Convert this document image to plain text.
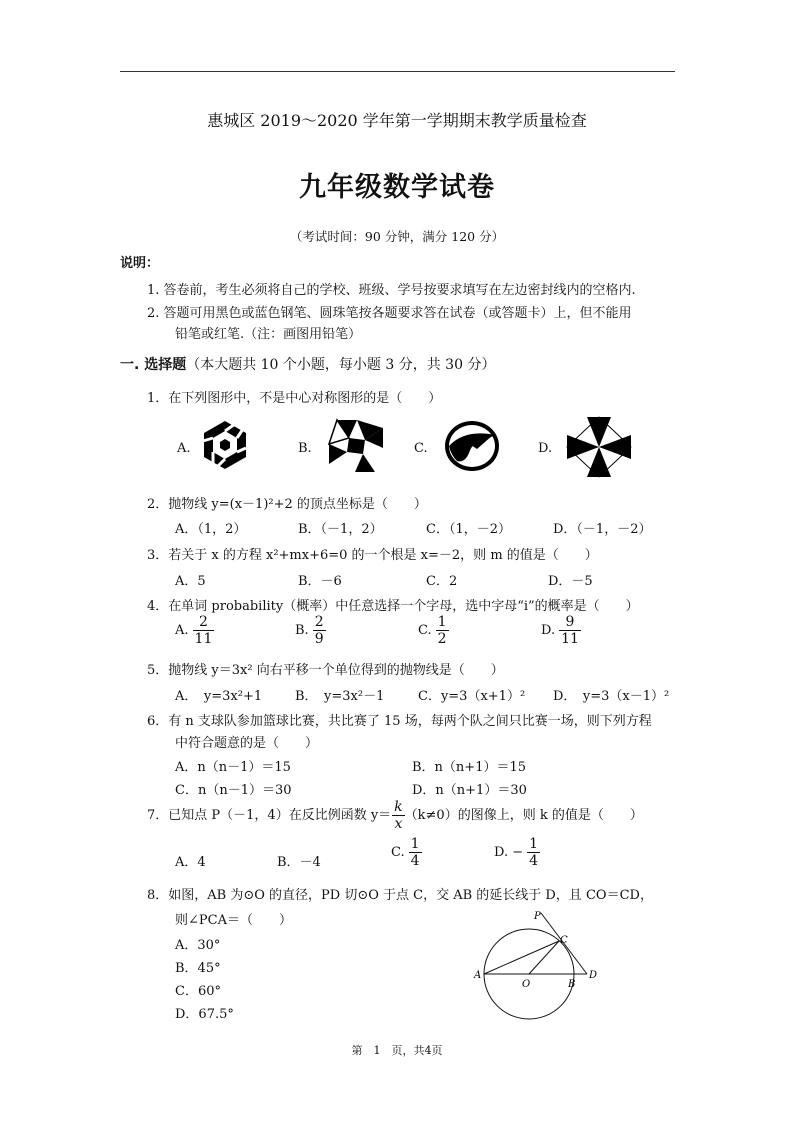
惠城区 2019～2020 学年第一学期期末教学质量检查
九年级数学试卷
（考试时间：90 分钟，满分 120 分）
说明：
1. 答卷前，考生必须将自己的学校、班级、学号按要求填写在左边密封线内的空格内.
2. 答题可用黑色或蓝色钢笔、圆珠笔按各题要求答在试卷（或答题卡）上，但不能用
铅笔或红笔.（注：画图用铅笔）
一. 选择题（本大题共 10 个小题，每小题 3 分，共 30 分）
1．在下列图形中，不是中心对称图形的是（　　）
A.	B.	C.	D.
2．抛物线 y=(x－1)²+2 的顶点坐标是（　　）
A．（1，2）	B．（－1，2）	C．（1，－2）	D．（－1，－2）
3．若关于 x 的方程 x²+mx+6=0 的一个根是 x=－2，则 m 的值是（　　）
A．5	B．－6	C．2	D．－5
4．在单词 probability（概率）中任意选择一个字母，选中字母“i”的概率是（　　）
A. $\frac{2}{11}$	B. $\frac{2}{9}$	C. $\frac{1}{2}$	D. $\frac{9}{11}$
5．抛物线 y＝3x² 向右平移一个单位得到的抛物线是（　　）
A．　y=3x²+1	B．　y=3x²－1	C．y=3（x+1）² D．　y=3（x－1）²
6．有 n 支球队参加篮球比赛，共比赛了 15 场，每两个队之间只比赛一场，则下列方程
中符合题意的是（　　）
A．n（n－1）＝15	B．n（n+1）＝15
C．n（n－1）＝30	D．n（n+1）＝30
7．已知点 P（－1，4）在反比例函数 $y= \frac{k}{x} (k\ne 0)$的图像上，则 k 的值是（　　）
A．4	B．－4
C. $\frac{1}{4}$	D. − $\frac{1}{4}$
8．如图，AB 为⊙O 的直径，PD 切⊙O 于点 C，交 AB 的延长线于 D，且 CO＝CD，
则∠PCA＝（　　）
A．30°
B．45°
C．60°
D．67.5°
P
C
A
O	B
D
第　1　页，共4页
